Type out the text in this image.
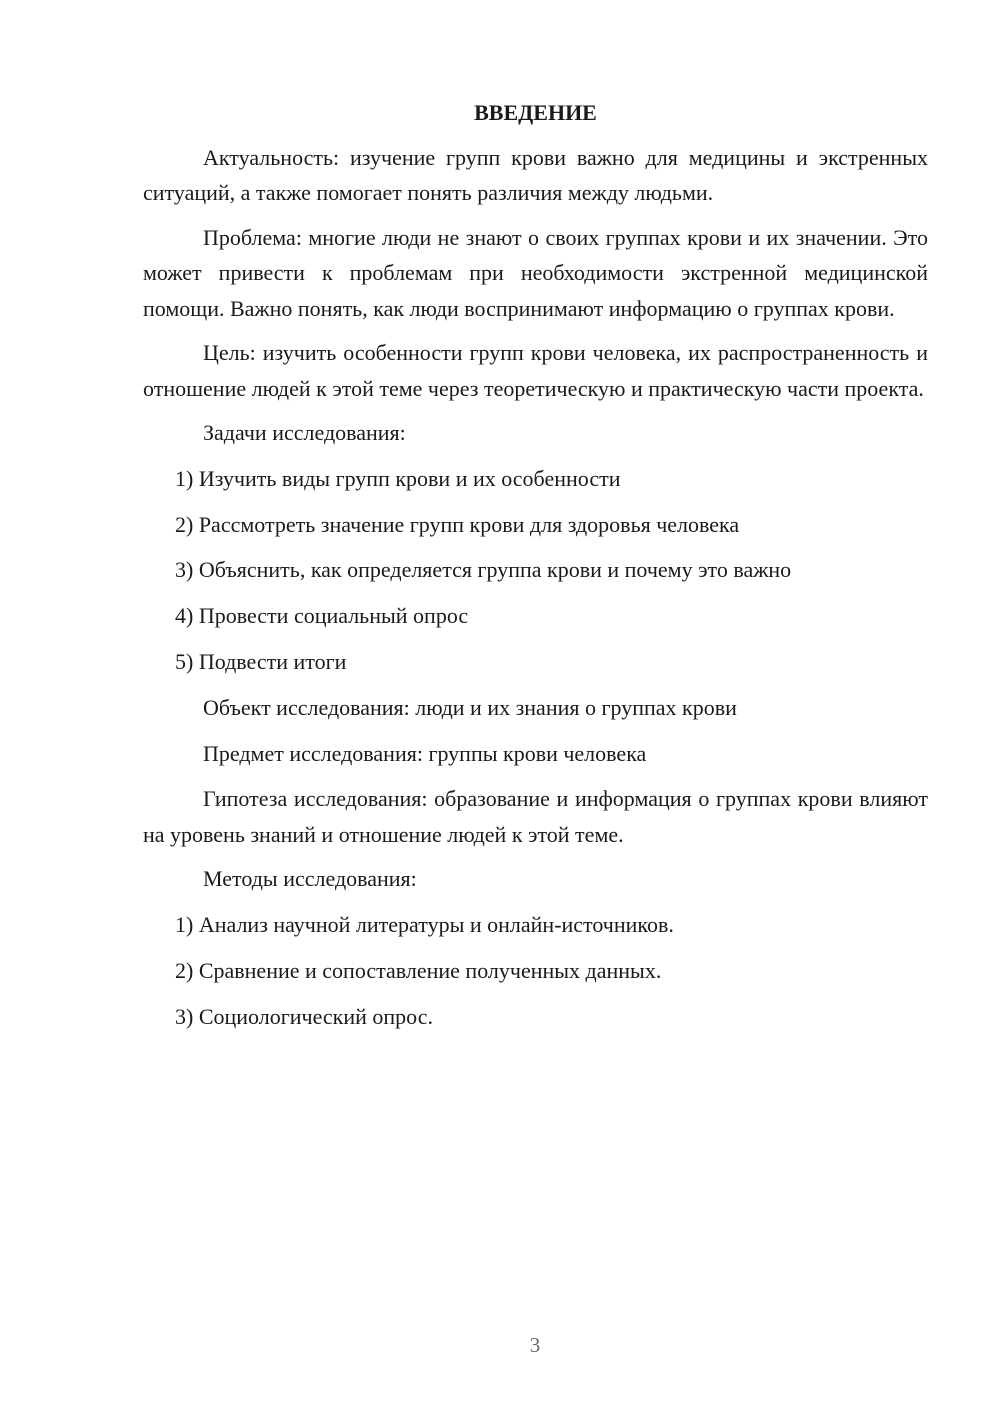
ВВЕДЕНИЕ

Актуальность: изучение групп крови важно для медицины и экстренных ситуаций, а также помогает понять различия между людьми.

Проблема: многие люди не знают о своих группах крови и их значении. Это может привести к проблемам при необходимости экстренной медицинской помощи. Важно понять, как люди воспринимают информацию о группах крови.

Цель: изучить особенности групп крови человека, их распространенность и отношение людей к этой теме через теоретическую и практическую части проекта.

Задачи исследования:
1) Изучить виды групп крови и их особенности
2) Рассмотреть значение групп крови для здоровья человека
3) Объяснить, как определяется группа крови и почему это важно
4) Провести социальный опрос
5) Подвести итоги
Объект исследования: люди и их знания о группах крови
Предмет исследования: группы крови человека

Гипотеза исследования: образование и информация о группах крови влияют на уровень знаний и отношение людей к этой теме.

Методы исследования:
1) Анализ научной литературы и онлайн-источников.
2) Сравнение и сопоставление полученных данных.
3) Социологический опрос.
3
